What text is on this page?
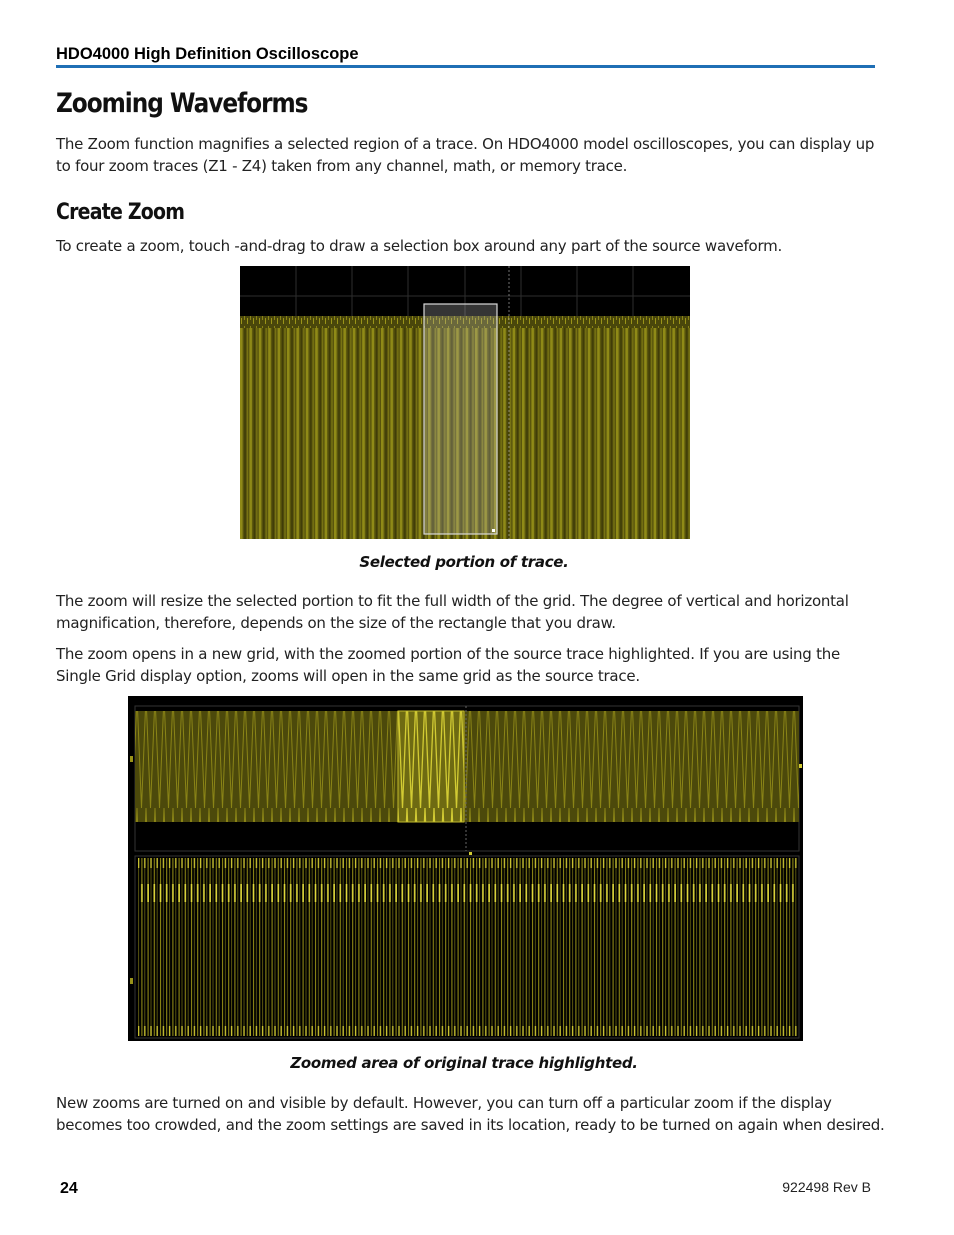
HDO4000 High Definition Oscilloscope
Zooming Waveforms

The Zoom function magnifies a selected region of a trace. On HDO4000 model oscilloscopes, you can display up to four zoom traces (Z1 - Z4) taken from any channel, math, or memory trace.

Create Zoom

To create a zoom, touch -and-drag to draw a selection box around any part of the source waveform.

Selected portion of trace.

The zoom will resize the selected portion to fit the full width of the grid. The degree of vertical and horizontal magnification, therefore, depends on the size of the rectangle that you draw.

The zoom opens in a new grid, with the zoomed portion of the source trace highlighted. If you are using the Single Grid display option, zooms will open in the same grid as the source trace.

Zoomed area of original trace highlighted.

New zooms are turned on and visible by default. However, you can turn off a particular zoom if the display becomes too crowded, and the zoom settings are saved in its location, ready to be turned on again when desired.

24	922498 Rev B
